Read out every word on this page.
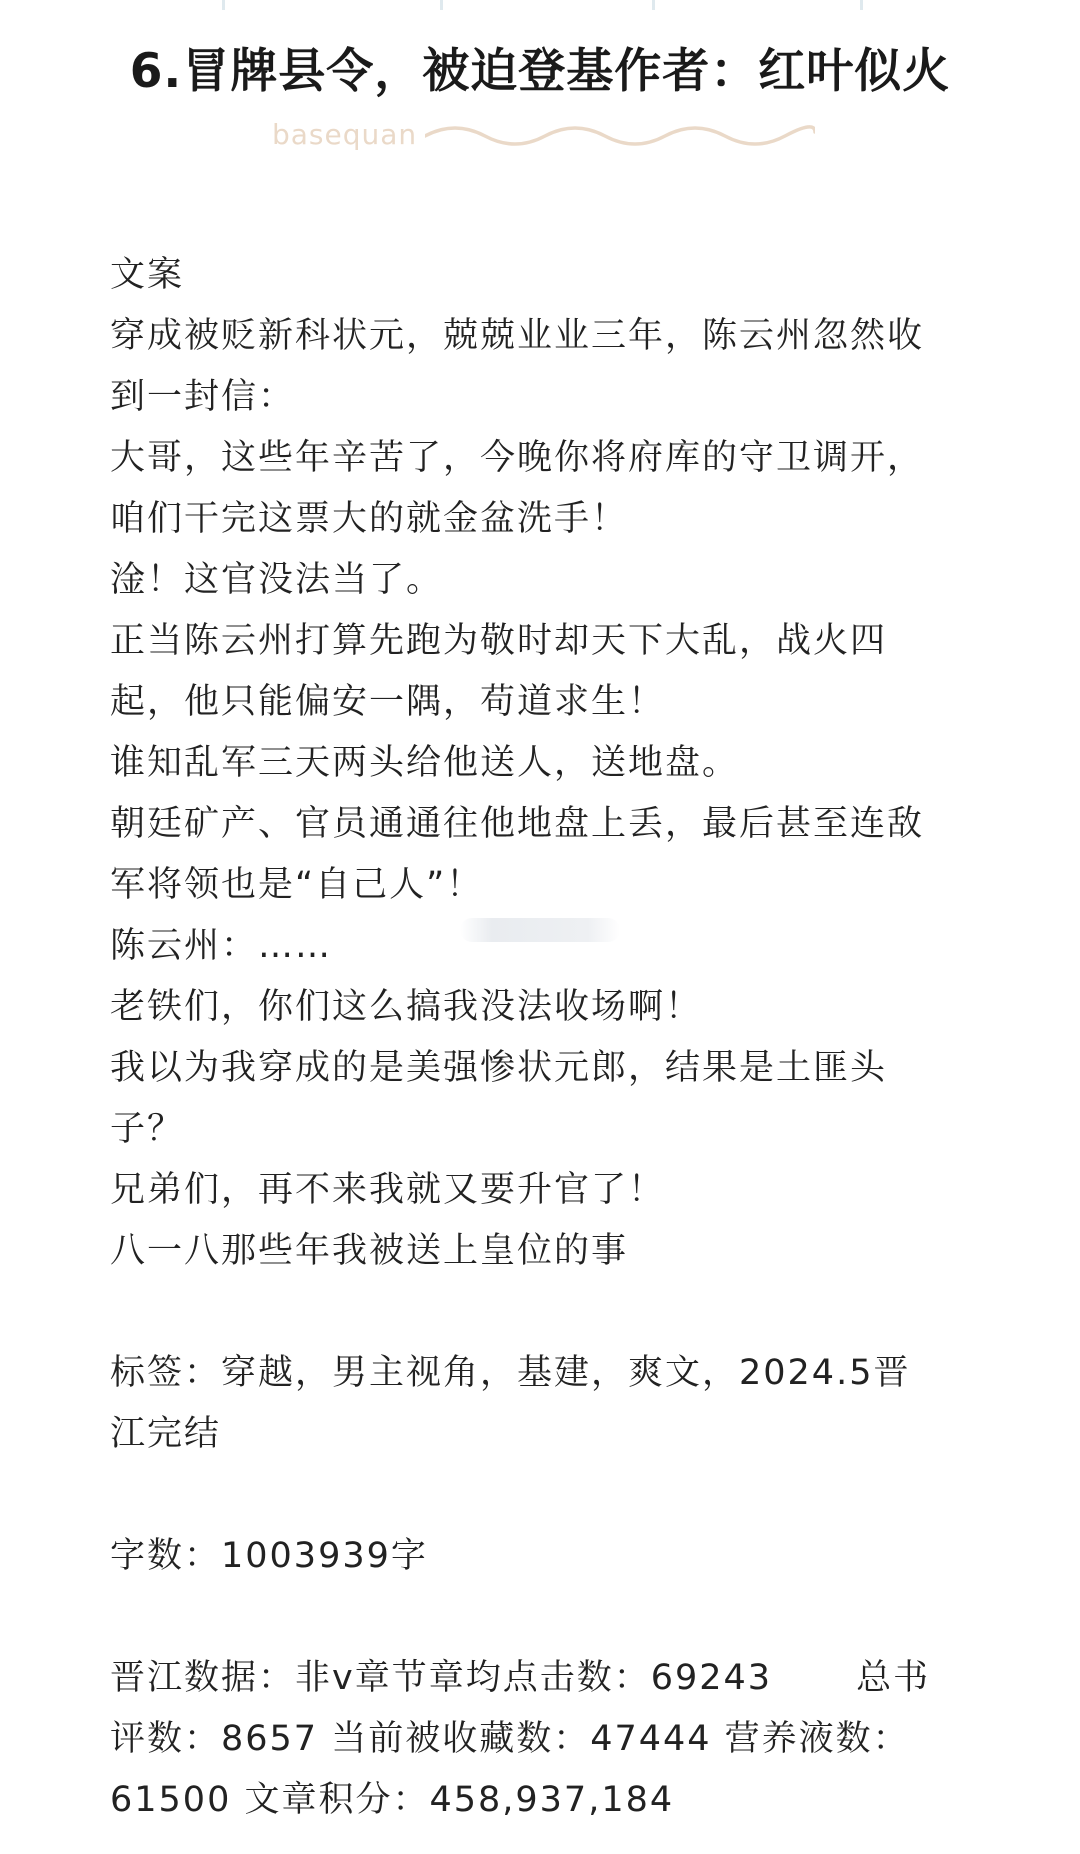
6.冒牌县令，被迫登基作者：红叶似火
basequan
文案
穿成被贬新科状元，兢兢业业三年，陈云州忽然收
到一封信：
大哥，这些年辛苦了，今晚你将府库的守卫调开，
咱们干完这票大的就金盆洗手！
淦！这官没法当了。
正当陈云州打算先跑为敬时却天下大乱，战火四
起，他只能偏安一隅，苟道求生！
谁知乱军三天两头给他送人，送地盘。
朝廷矿产、官员通通往他地盘上丢，最后甚至连敌
军将领也是“自己人”！
陈云州：……
老铁们，你们这么搞我没法收场啊！
我以为我穿成的是美强惨状元郎，结果是土匪头
子？
兄弟们，再不来我就又要升官了！
八一八那些年我被送上皇位的事
标签：穿越，男主视角，基建，爽文，2024.5晋
江完结
字数：1003939字
晋江数据：非v章节章均点击数：69243 总书
评数：8657 当前被收藏数：47444 营养液数：
61500 文章积分：458,937,184
